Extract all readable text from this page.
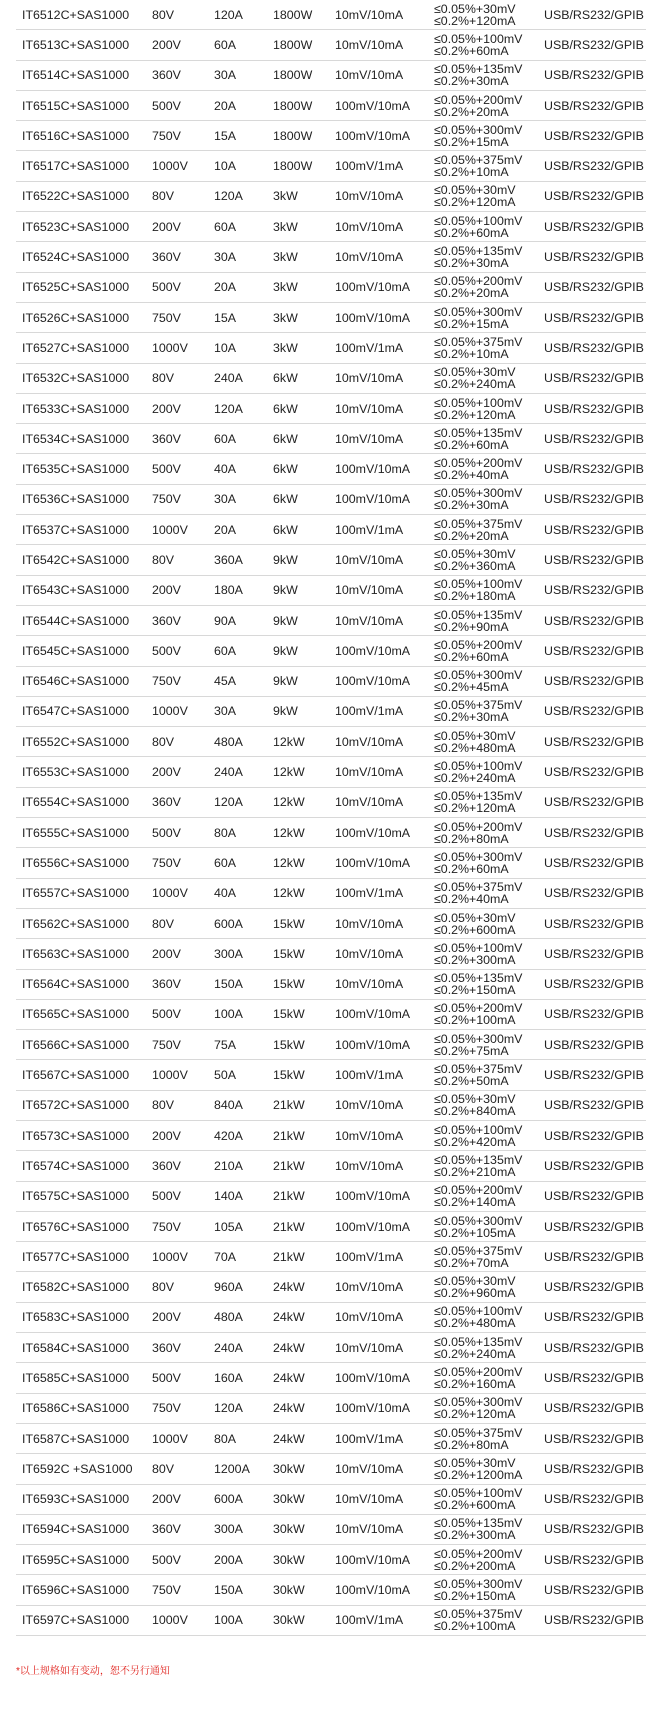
IT6512C+SAS1000 80V	120A 1800W 10mV/10mA ≤0.05%+30mV
≤0.2%+120mA USB/RS232/GPIB
IT6513C+SAS1000 200V	60A	1800W 10mV/10mA ≤0.05%+100mV
≤0.2%+60mA	USB/RS232/GPIB
IT6514C+SAS1000 360V	30A	1800W 10mV/10mA ≤0.05%+135mV
≤0.2%+30mA	USB/RS232/GPIB
IT6515C+SAS1000 500V	20A	1800W 100mV/10mA ≤0.05%+200mV
≤0.2%+20mA	USB/RS232/GPIB
IT6516C+SAS1000 750V	15A	1800W 100mV/10mA ≤0.05%+300mV
≤0.2%+15mA	USB/RS232/GPIB
IT6517C+SAS1000 1000V 10A	1800W 100mV/1mA ≤0.05%+375mV
≤0.2%+10mA	USB/RS232/GPIB
IT6522C+SAS1000 80V	120A 3kW	10mV/10mA ≤0.05%+30mV
≤0.2%+120mA USB/RS232/GPIB
IT6523C+SAS1000 200V	60A	3kW	10mV/10mA ≤0.05%+100mV
≤0.2%+60mA	USB/RS232/GPIB
IT6524C+SAS1000 360V	30A	3kW	10mV/10mA ≤0.05%+135mV
≤0.2%+30mA	USB/RS232/GPIB
IT6525C+SAS1000 500V	20A	3kW	100mV/10mA ≤0.05%+200mV
≤0.2%+20mA	USB/RS232/GPIB
IT6526C+SAS1000 750V	15A	3kW	100mV/10mA ≤0.05%+300mV
≤0.2%+15mA	USB/RS232/GPIB
IT6527C+SAS1000 1000V 10A	3kW	100mV/1mA ≤0.05%+375mV
≤0.2%+10mA	USB/RS232/GPIB
IT6532C+SAS1000 80V	240A 6kW	10mV/10mA ≤0.05%+30mV
≤0.2%+240mA USB/RS232/GPIB
IT6533C+SAS1000 200V	120A 6kW	10mV/10mA ≤0.05%+100mV
≤0.2%+120mA USB/RS232/GPIB
IT6534C+SAS1000 360V	60A	6kW	10mV/10mA ≤0.05%+135mV
≤0.2%+60mA	USB/RS232/GPIB
IT6535C+SAS1000 500V	40A	6kW	100mV/10mA ≤0.05%+200mV
≤0.2%+40mA	USB/RS232/GPIB
IT6536C+SAS1000 750V	30A	6kW	100mV/10mA ≤0.05%+300mV
≤0.2%+30mA	USB/RS232/GPIB
IT6537C+SAS1000 1000V 20A	6kW	100mV/1mA ≤0.05%+375mV
≤0.2%+20mA	USB/RS232/GPIB
IT6542C+SAS1000 80V	360A 9kW	10mV/10mA ≤0.05%+30mV
≤0.2%+360mA USB/RS232/GPIB
IT6543C+SAS1000 200V	180A 9kW	10mV/10mA ≤0.05%+100mV
≤0.2%+180mA USB/RS232/GPIB
IT6544C+SAS1000 360V	90A	9kW	10mV/10mA ≤0.05%+135mV
≤0.2%+90mA	USB/RS232/GPIB
IT6545C+SAS1000 500V	60A	9kW	100mV/10mA ≤0.05%+200mV
≤0.2%+60mA	USB/RS232/GPIB
IT6546C+SAS1000 750V	45A	9kW	100mV/10mA ≤0.05%+300mV
≤0.2%+45mA	USB/RS232/GPIB
IT6547C+SAS1000 1000V 30A	9kW	100mV/1mA ≤0.05%+375mV
≤0.2%+30mA	USB/RS232/GPIB
IT6552C+SAS1000 80V	480A 12kW 10mV/10mA ≤0.05%+30mV
≤0.2%+480mA USB/RS232/GPIB
IT6553C+SAS1000 200V	240A 12kW 10mV/10mA ≤0.05%+100mV
≤0.2%+240mA USB/RS232/GPIB
IT6554C+SAS1000 360V	120A 12kW 10mV/10mA ≤0.05%+135mV
≤0.2%+120mA USB/RS232/GPIB
IT6555C+SAS1000 500V	80A	12kW 100mV/10mA ≤0.05%+200mV
≤0.2%+80mA	USB/RS232/GPIB
IT6556C+SAS1000 750V	60A	12kW 100mV/10mA ≤0.05%+300mV
≤0.2%+60mA	USB/RS232/GPIB
IT6557C+SAS1000 1000V 40A	12kW 100mV/1mA ≤0.05%+375mV
≤0.2%+40mA	USB/RS232/GPIB
IT6562C+SAS1000 80V	600A 15kW 10mV/10mA ≤0.05%+30mV
≤0.2%+600mA USB/RS232/GPIB
IT6563C+SAS1000 200V	300A 15kW 10mV/10mA ≤0.05%+100mV
≤0.2%+300mA USB/RS232/GPIB
IT6564C+SAS1000 360V	150A 15kW 10mV/10mA ≤0.05%+135mV
≤0.2%+150mA USB/RS232/GPIB
IT6565C+SAS1000 500V	100A 15kW 100mV/10mA ≤0.05%+200mV
≤0.2%+100mA USB/RS232/GPIB
IT6566C+SAS1000 750V	75A	15kW 100mV/10mA ≤0.05%+300mV
≤0.2%+75mA	USB/RS232/GPIB
IT6567C+SAS1000 1000V 50A	15kW 100mV/1mA ≤0.05%+375mV
≤0.2%+50mA	USB/RS232/GPIB
IT6572C+SAS1000 80V	840A 21kW 10mV/10mA ≤0.05%+30mV
≤0.2%+840mA USB/RS232/GPIB
IT6573C+SAS1000 200V	420A 21kW 10mV/10mA ≤0.05%+100mV
≤0.2%+420mA USB/RS232/GPIB
IT6574C+SAS1000 360V	210A 21kW 10mV/10mA ≤0.05%+135mV
≤0.2%+210mA USB/RS232/GPIB
IT6575C+SAS1000 500V	140A 21kW 100mV/10mA ≤0.05%+200mV
≤0.2%+140mA USB/RS232/GPIB
IT6576C+SAS1000 750V	105A 21kW 100mV/10mA ≤0.05%+300mV
≤0.2%+105mA USB/RS232/GPIB
IT6577C+SAS1000 1000V 70A	21kW 100mV/1mA ≤0.05%+375mV
≤0.2%+70mA	USB/RS232/GPIB
IT6582C+SAS1000 80V	960A 24kW 10mV/10mA ≤0.05%+30mV
≤0.2%+960mA USB/RS232/GPIB
IT6583C+SAS1000 200V	480A 24kW 10mV/10mA ≤0.05%+100mV
≤0.2%+480mA USB/RS232/GPIB
IT6584C+SAS1000 360V	240A 24kW 10mV/10mA ≤0.05%+135mV
≤0.2%+240mA USB/RS232/GPIB
IT6585C+SAS1000 500V	160A 24kW 100mV/10mA ≤0.05%+200mV
≤0.2%+160mA USB/RS232/GPIB
IT6586C+SAS1000 750V	120A 24kW 100mV/10mA ≤0.05%+300mV
≤0.2%+120mA USB/RS232/GPIB
IT6587C+SAS1000 1000V 80A	24kW 100mV/1mA ≤0.05%+375mV
≤0.2%+80mA	USB/RS232/GPIB
IT6592C +SAS1000 80V	1200A 30kW 10mV/10mA ≤0.05%+30mV
≤0.2%+1200mA USB/RS232/GPIB
IT6593C+SAS1000 200V	600A 30kW 10mV/10mA ≤0.05%+100mV
≤0.2%+600mA USB/RS232/GPIB
IT6594C+SAS1000 360V	300A 30kW 10mV/10mA ≤0.05%+135mV
≤0.2%+300mA USB/RS232/GPIB
IT6595C+SAS1000 500V	200A 30kW 100mV/10mA ≤0.05%+200mV
≤0.2%+200mA USB/RS232/GPIB
IT6596C+SAS1000 750V	150A 30kW 100mV/10mA ≤0.05%+300mV
≤0.2%+150mA USB/RS232/GPIB
IT6597C+SAS1000 1000V 100A 30kW 100mV/1mA ≤0.05%+375mV
≤0.2%+100mA USB/RS232/GPIB
*以上规格如有变动，恕不另行通知
